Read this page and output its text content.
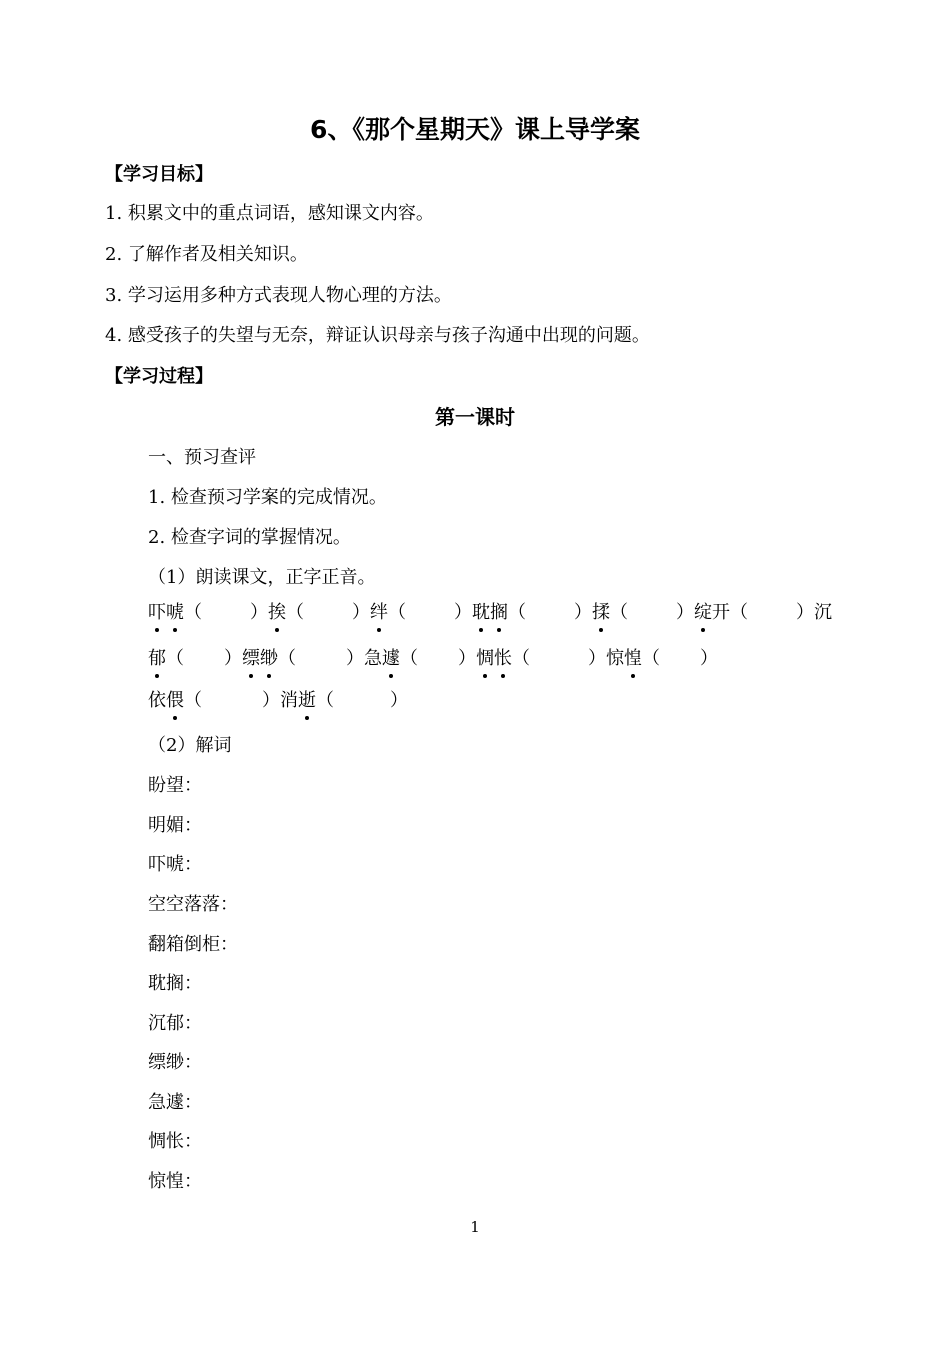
6、《那个星期天》课上导学案
【学习目标】
1. 积累文中的重点词语，感知课文内容。
2. 了解作者及相关知识。
3. 学习运用多种方式表现人物心理的方法。
4. 感受孩子的失望与无奈，辩证认识母亲与孩子沟通中出现的问题。
【学习过程】
第一课时
一、预习查评
1. 检查预习学案的完成情况。
2. 检查字词的掌握情况。
（1）朗读课文，正字正音。
吓 唬 （	） 挨 （	） 绊 （	） 耽 搁 （	） 揉 （	） 绽 开 （	） 沉
郁 （ ） 缥 缈 （	） 急 遽 （ ） 惆 怅 （	） 惊 惶 （ ）
依 偎 （	） 消 逝 （	）
（2）解词
盼望：
明媚：
吓唬：
空空落落：
翻箱倒柜：
耽搁：
沉郁：
缥缈：
急遽：
惆怅：
惊惶：
1
